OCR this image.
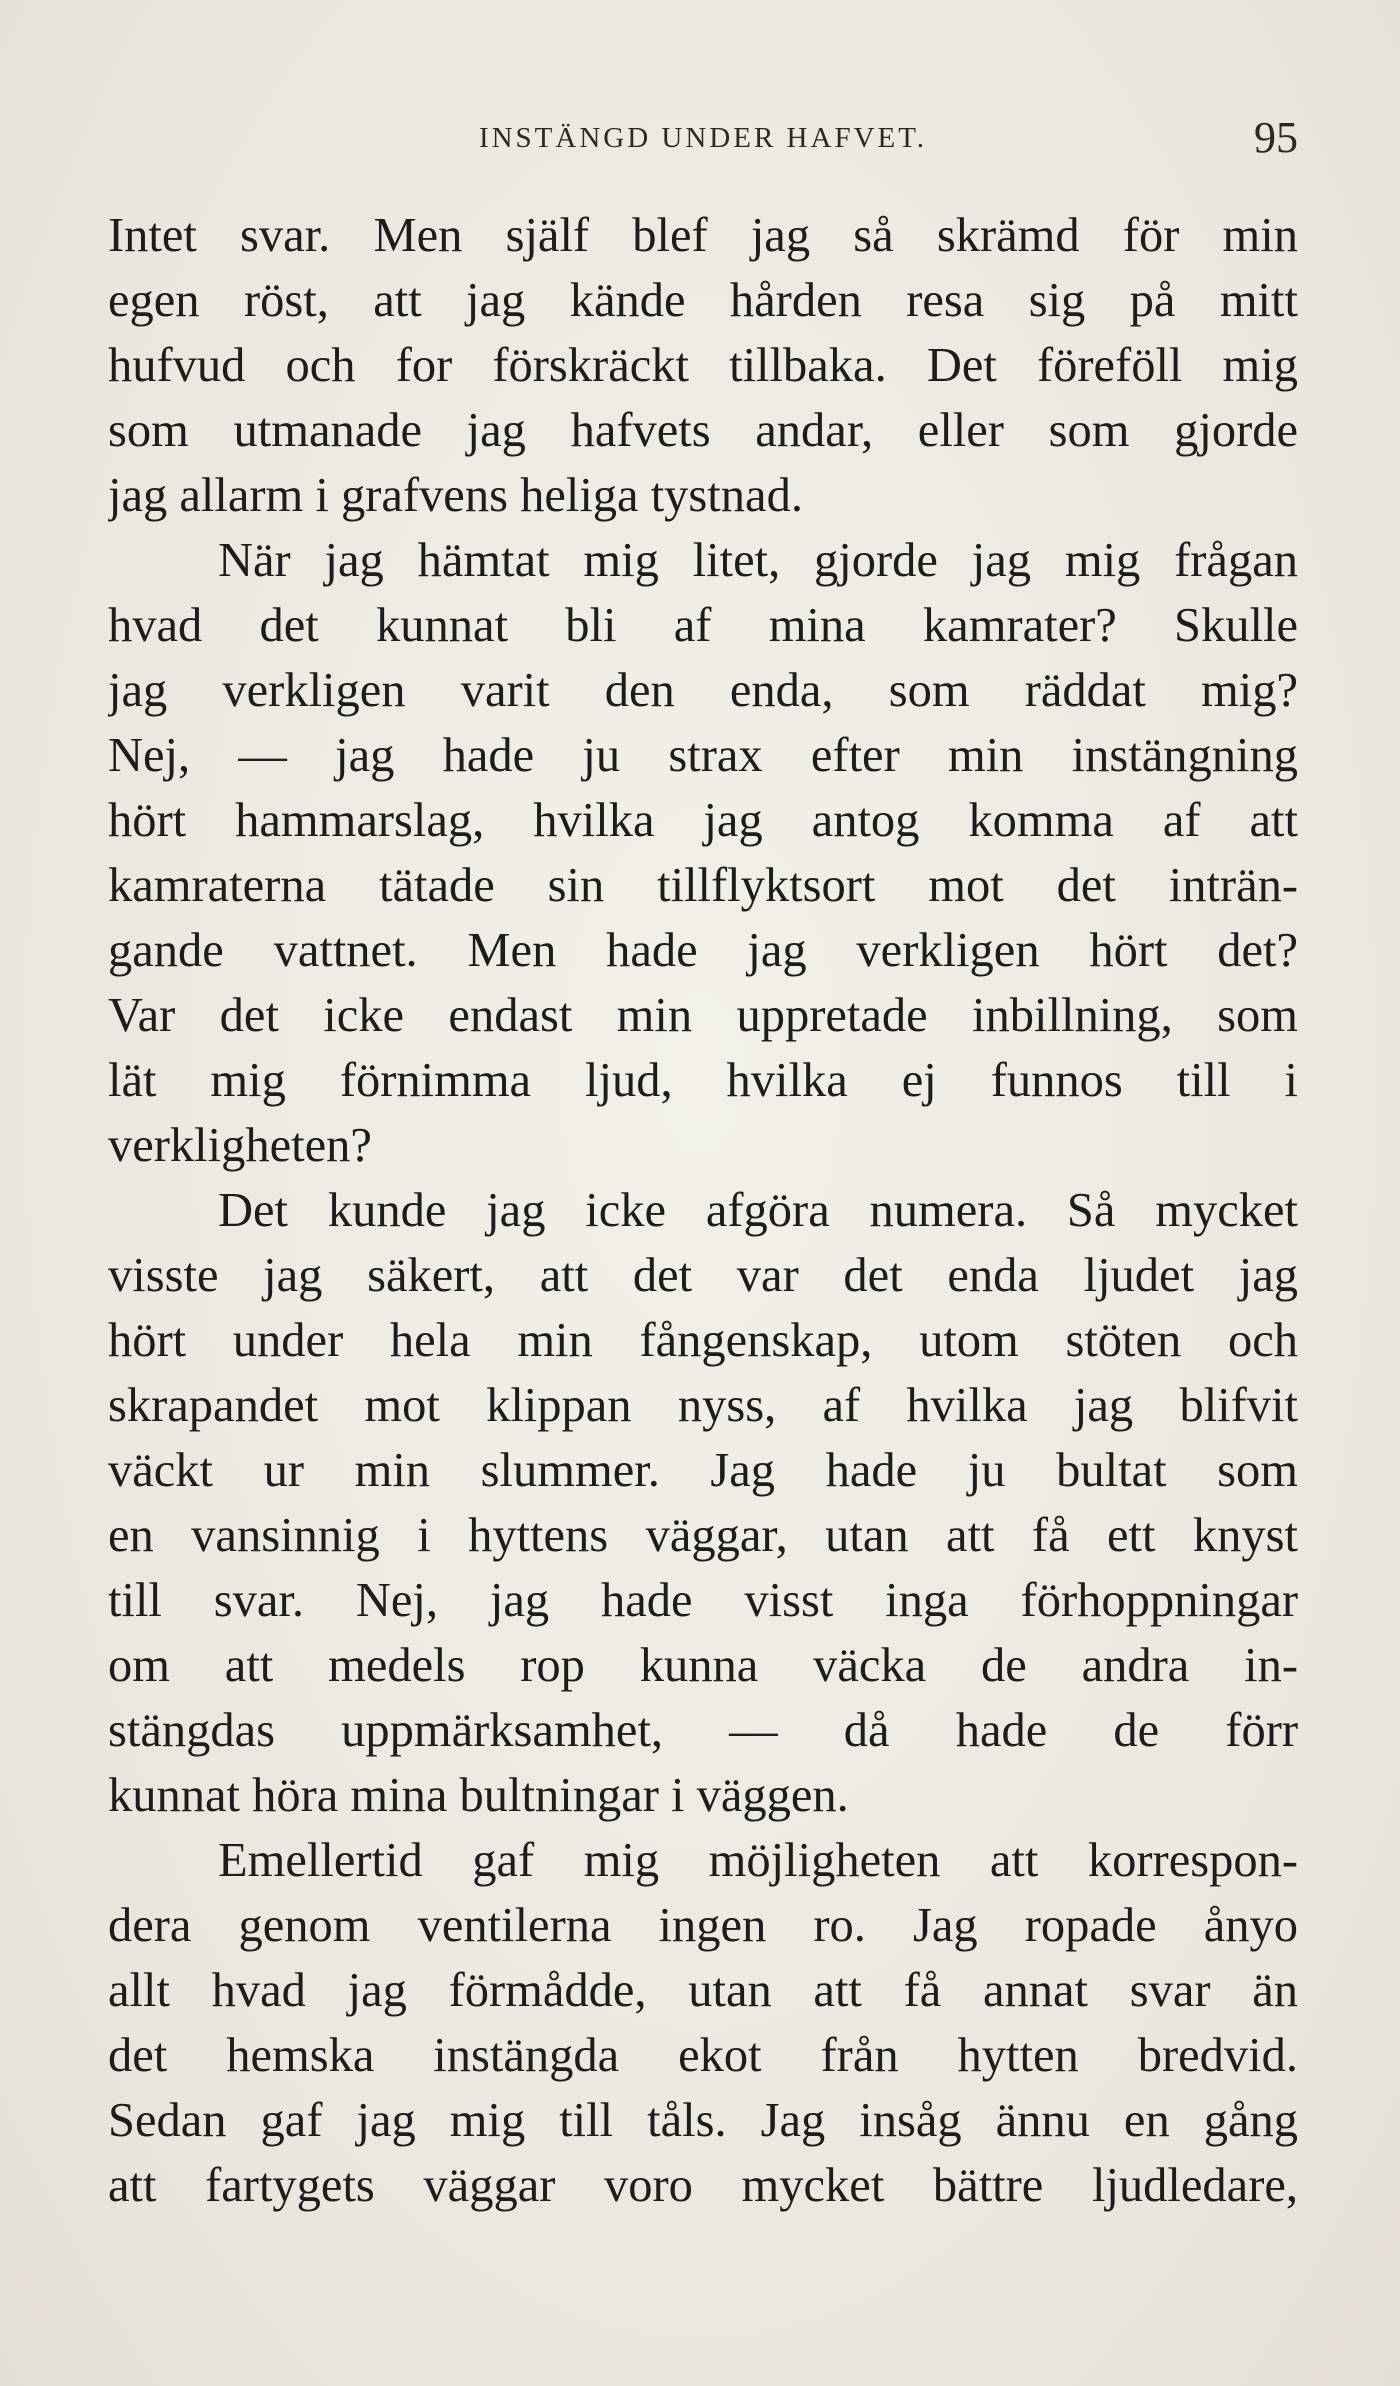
INSTÄNGD UNDER HAFVET.	95
Intet svar. Men själf blef jag så skrämd för min
egen röst, att jag kände hården resa sig på mitt
hufvud och for förskräckt tillbaka. Det föreföll mig
som utmanade jag hafvets andar, eller som gjorde
jag allarm i grafvens heliga tystnad.
När jag hämtat mig litet, gjorde jag mig frågan
hvad det kunnat bli af mina kamrater? Skulle
jag verkligen varit den enda, som räddat mig?
Nej, — jag hade ju strax efter min instängning
hört hammarslag, hvilka jag antog komma af att
kamraterna tätade sin tillflyktsort mot det inträn-
gande vattnet. Men hade jag verkligen hört det?
Var det icke endast min uppretade inbillning, som
lät mig förnimma ljud, hvilka ej funnos till i
verkligheten?
Det kunde jag icke afgöra numera. Så mycket
visste jag säkert, att det var det enda ljudet jag
hört under hela min fångenskap, utom stöten och
skrapandet mot klippan nyss, af hvilka jag blifvit
väckt ur min slummer. Jag hade ju bultat som
en vansinnig i hyttens väggar, utan att få ett knyst
till svar. Nej, jag hade visst inga förhoppningar
om att medels rop kunna väcka de andra in-
stängdas uppmärksamhet, — då hade de förr
kunnat höra mina bultningar i väggen.
Emellertid gaf mig möjligheten att korrespon-
dera genom ventilerna ingen ro. Jag ropade ånyo
allt hvad jag förmådde, utan att få annat svar än
det hemska instängda ekot från hytten bredvid.
Sedan gaf jag mig till tåls. Jag insåg ännu en gång
att fartygets väggar voro mycket bättre ljudledare,
